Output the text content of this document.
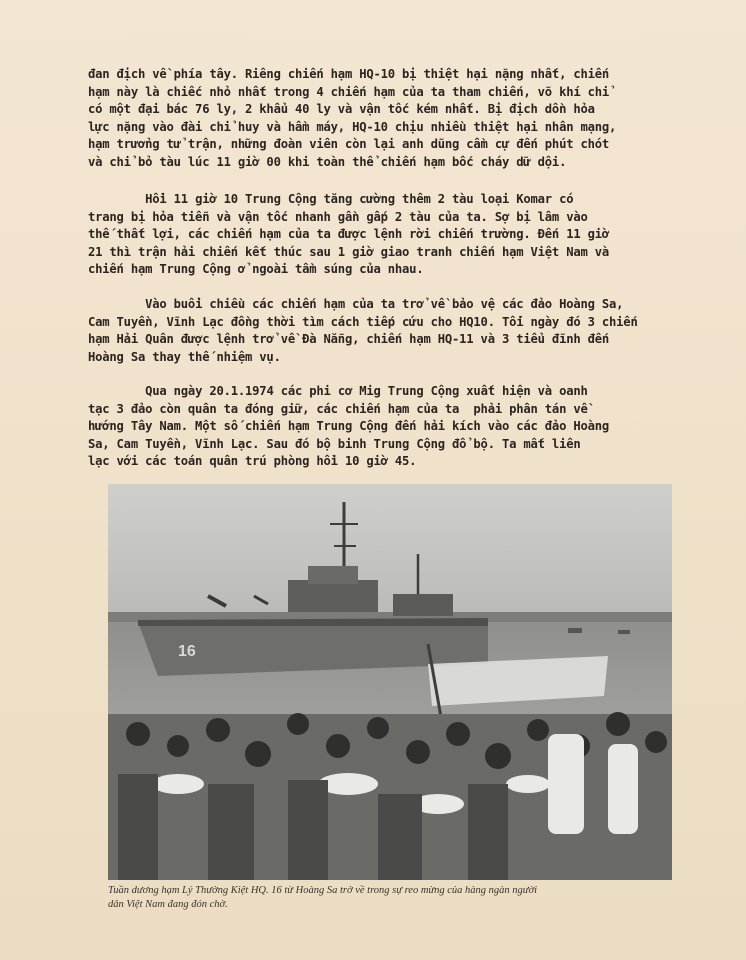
đan địch về phía tây. Riêng chiến hạm HQ-10 bị thiệt hại nặng nhất, chiến
hạm này là chiếc nhỏ nhất trong 4 chiến hạm của ta tham chiến, võ khí chỉ
có một đại bác 76 ly, 2 khẩu 40 ly và vận tốc kém nhất. Bị địch dồn hỏa
lực nặng vào đài chỉ huy và hầm máy, HQ-10 chịu nhiều thiệt hại nhân mạng,
hạm trưởng tử trận, những đoàn viên còn lại anh dũng cầm cự đến phút chót
và chỉ bỏ tàu lúc 11 giờ 00 khi toàn thể chiến hạm bốc cháy dữ dội.

Hồi 11 giờ 10 Trung Cộng tăng cường thêm 2 tàu loại Komar có
trang bị hỏa tiễn và vận tốc nhanh gần gấp 2 tàu của ta. Sợ bị lâm vào
thế thất lợi, các chiến hạm của ta được lệnh rời chiến trường. Đến 11 giờ
21 thì trận hải chiến kết thúc sau 1 giờ giao tranh chiến hạm Việt Nam và
chiến hạm Trung Cộng ở ngoài tầm súng của nhau.

Vào buổi chiều các chiến hạm của ta trở về bảo vệ các đảo Hoàng Sa,
Cam Tuyền, Vĩnh Lạc đồng thời tìm cách tiếp cứu cho HQ10. Tối ngày đó 3 chiến
hạm Hải Quân được lệnh trở về Đà Nẵng, chiến hạm HQ-11 và 3 tiểu đĩnh đến
Hoàng Sa thay thế nhiệm vụ.

Qua ngày 20.1.1974 các phi cơ Mig Trung Cộng xuất hiện và oanh
tạc 3 đảo còn quân ta đóng giữ, các chiến hạm của ta  phải phân tán về
hướng Tây Nam. Một số chiến hạm Trung Cộng đến hải kích vào các đảo Hoàng
Sa, Cam Tuyền, Vĩnh Lạc. Sau đó bộ binh Trung Cộng đổ bộ. Ta mất liên
lạc với các toán quân trú phòng hồi 10 giờ 45.

16

Tuần dương hạm Lý Thường Kiệt HQ. 16 từ Hoàng Sa trở về trong sự reo mừng của hàng ngàn người
dân Việt Nam đang đón chờ.
